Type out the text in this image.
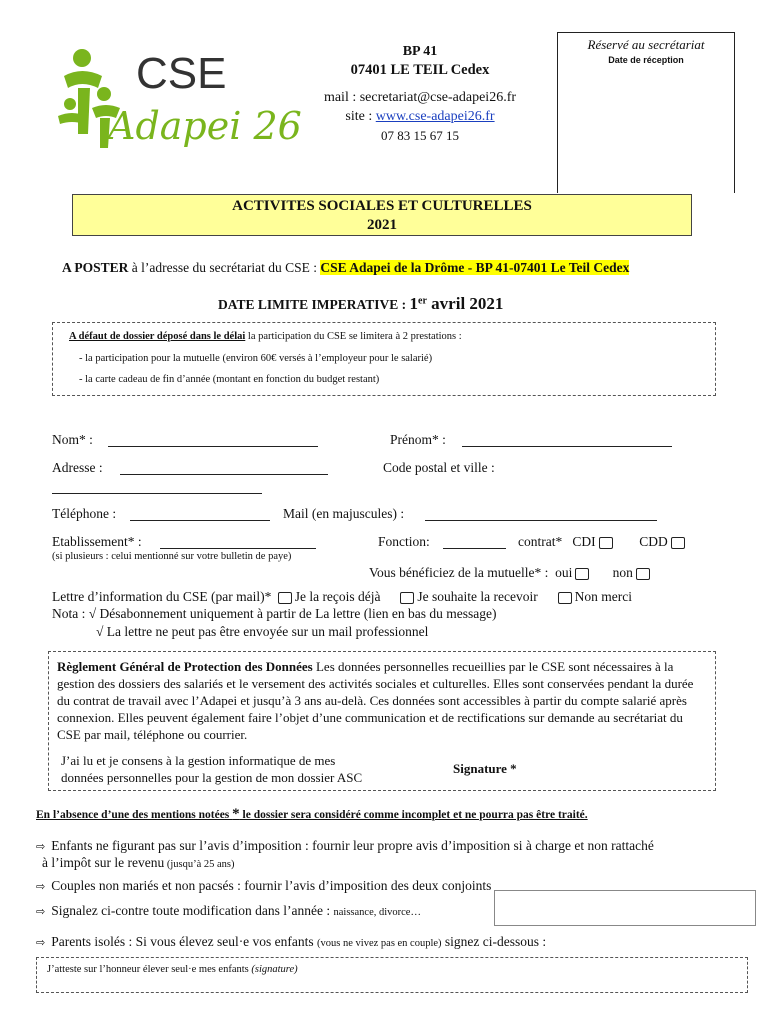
CSE
Adapei 26
BP 41
07401 LE TEIL Cedex
mail : secretariat@cse-adapei26.fr
site : www.cse-adapei26.fr
07 83 15 67 15
Réservé au secrétariat
Date de réception
ACTIVITES SOCIALES ET CULTURELLES
2021
A POSTER à l’adresse du secrétariat du CSE : CSE Adapei de la Drôme - BP 41-07401 Le Teil Cedex
DATE LIMITE IMPERATIVE : 1er avril 2021
A défaut de dossier déposé dans le délai la participation du CSE se limitera à 2 prestations :
- la participation pour la mutuelle (environ 60€ versés à l’employeur pour le salarié)
- la carte cadeau de fin d’année (montant en fonction du budget restant)
Nom* :	Prénom* :
Adresse :	Code postal et ville :
Téléphone :	Mail (en majuscules) :
Etablissement* :
(si plusieurs : celui mentionné sur votre bulletin de paye)
Fonction:	contrat* CDI	CDD
Vous bénéficiez de la mutuelle* : oui	non
Lettre d’information du CSE (par mail)* Je la reçois déjà	Je souhaite la recevoir	Non merci
Nota : √ Désabonnement uniquement à partir de La lettre (lien en bas du message)
√ La lettre ne peut pas être envoyée sur un mail professionnel
Règlement Général de Protection des Données Les données personnelles recueillies par le CSE sont nécessaires à la gestion des dossiers des salariés et le versement des activités sociales et culturelles. Elles sont conservées pendant la durée du contrat de travail avec l’Adapei et jusqu’à 3 ans au-delà. Ces données sont accessibles à partir du compte salarié après connexion. Elles peuvent également faire l’objet d’une communication et de rectifications sur demande au secrétariat du CSE par mail, téléphone ou courrier.
J’ai lu et je consens à la gestion informatique de mes
données personnelles pour la gestion de mon dossier ASC
Signature *
En l’absence d’une des mentions notées * le dossier sera considéré comme incomplet et ne pourra pas être traité.
⇨ Enfants ne figurant pas sur l’avis d’imposition : fournir leur propre avis d’imposition si à charge et non rattaché
à l’impôt sur le revenu (jusqu’à 25 ans)
⇨ Couples non mariés et non pacsés : fournir l’avis d’imposition des deux conjoints
⇨ Signalez ci-contre toute modification dans l’année : naissance, divorce…
⇨ Parents isolés : Si vous élevez seul·e vos enfants (vous ne vivez pas en couple) signez ci-dessous :
J’atteste sur l’honneur élever seul·e mes enfants (signature)
